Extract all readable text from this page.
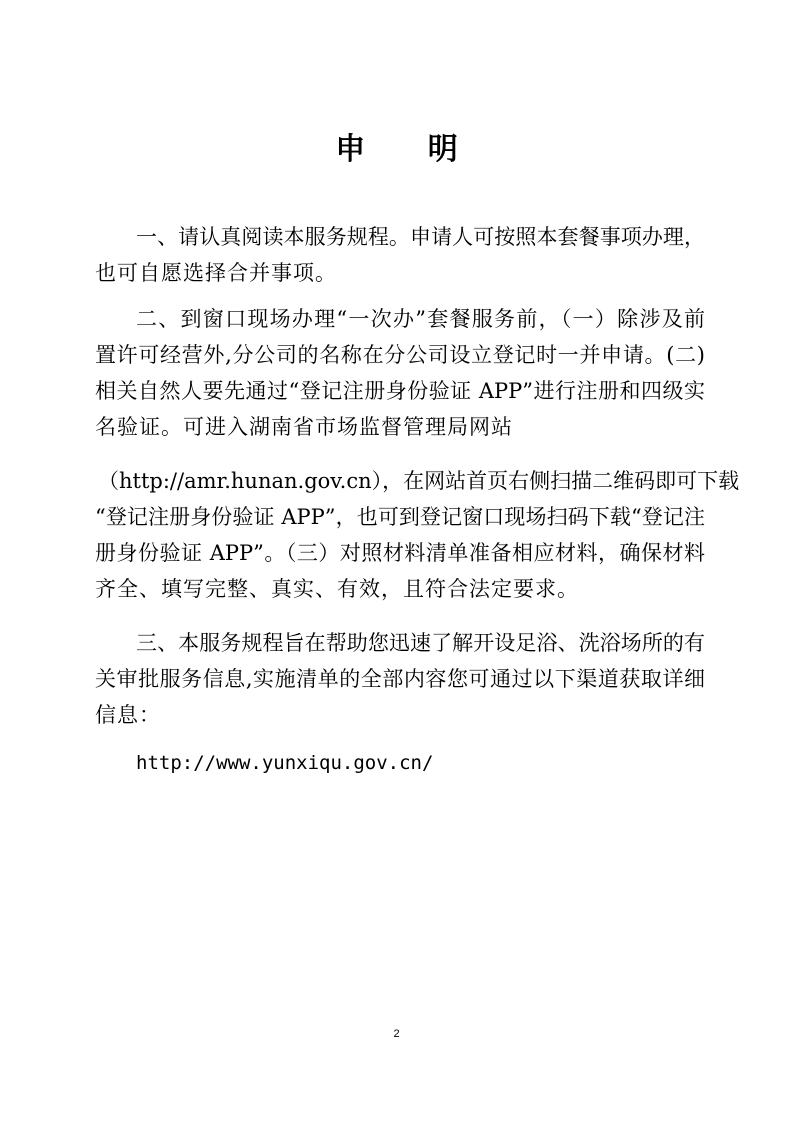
申 明

一、请认真阅读本服务规程。申请人可按照本套餐事项办理，

也可自愿选择合并事项。

二、到窗口现场办理“一次办”套餐服务前，（一）除涉及前

置许可经营外,分公司的名称在分公司设立登记时一并申请。(二)

相关自然人要先通过“登记注册身份验证 APP”进行注册和四级实

名验证。可进入湖南省市场监督管理局网站

（http://amr.hunan.gov.cn），在网站首页右侧扫描二维码即可下载

“登记注册身份验证 APP”，也可到登记窗口现场扫码下载“登记注

册身份验证 APP”。（三）对照材料清单准备相应材料，确保材料

齐全、填写完整、真实、有效，且符合法定要求。

三、本服务规程旨在帮助您迅速了解开设足浴、洗浴场所的有

关审批服务信息,实施清单的全部内容您可通过以下渠道获取详细

信息：

http://www.yunxiqu.gov.cn/

2
